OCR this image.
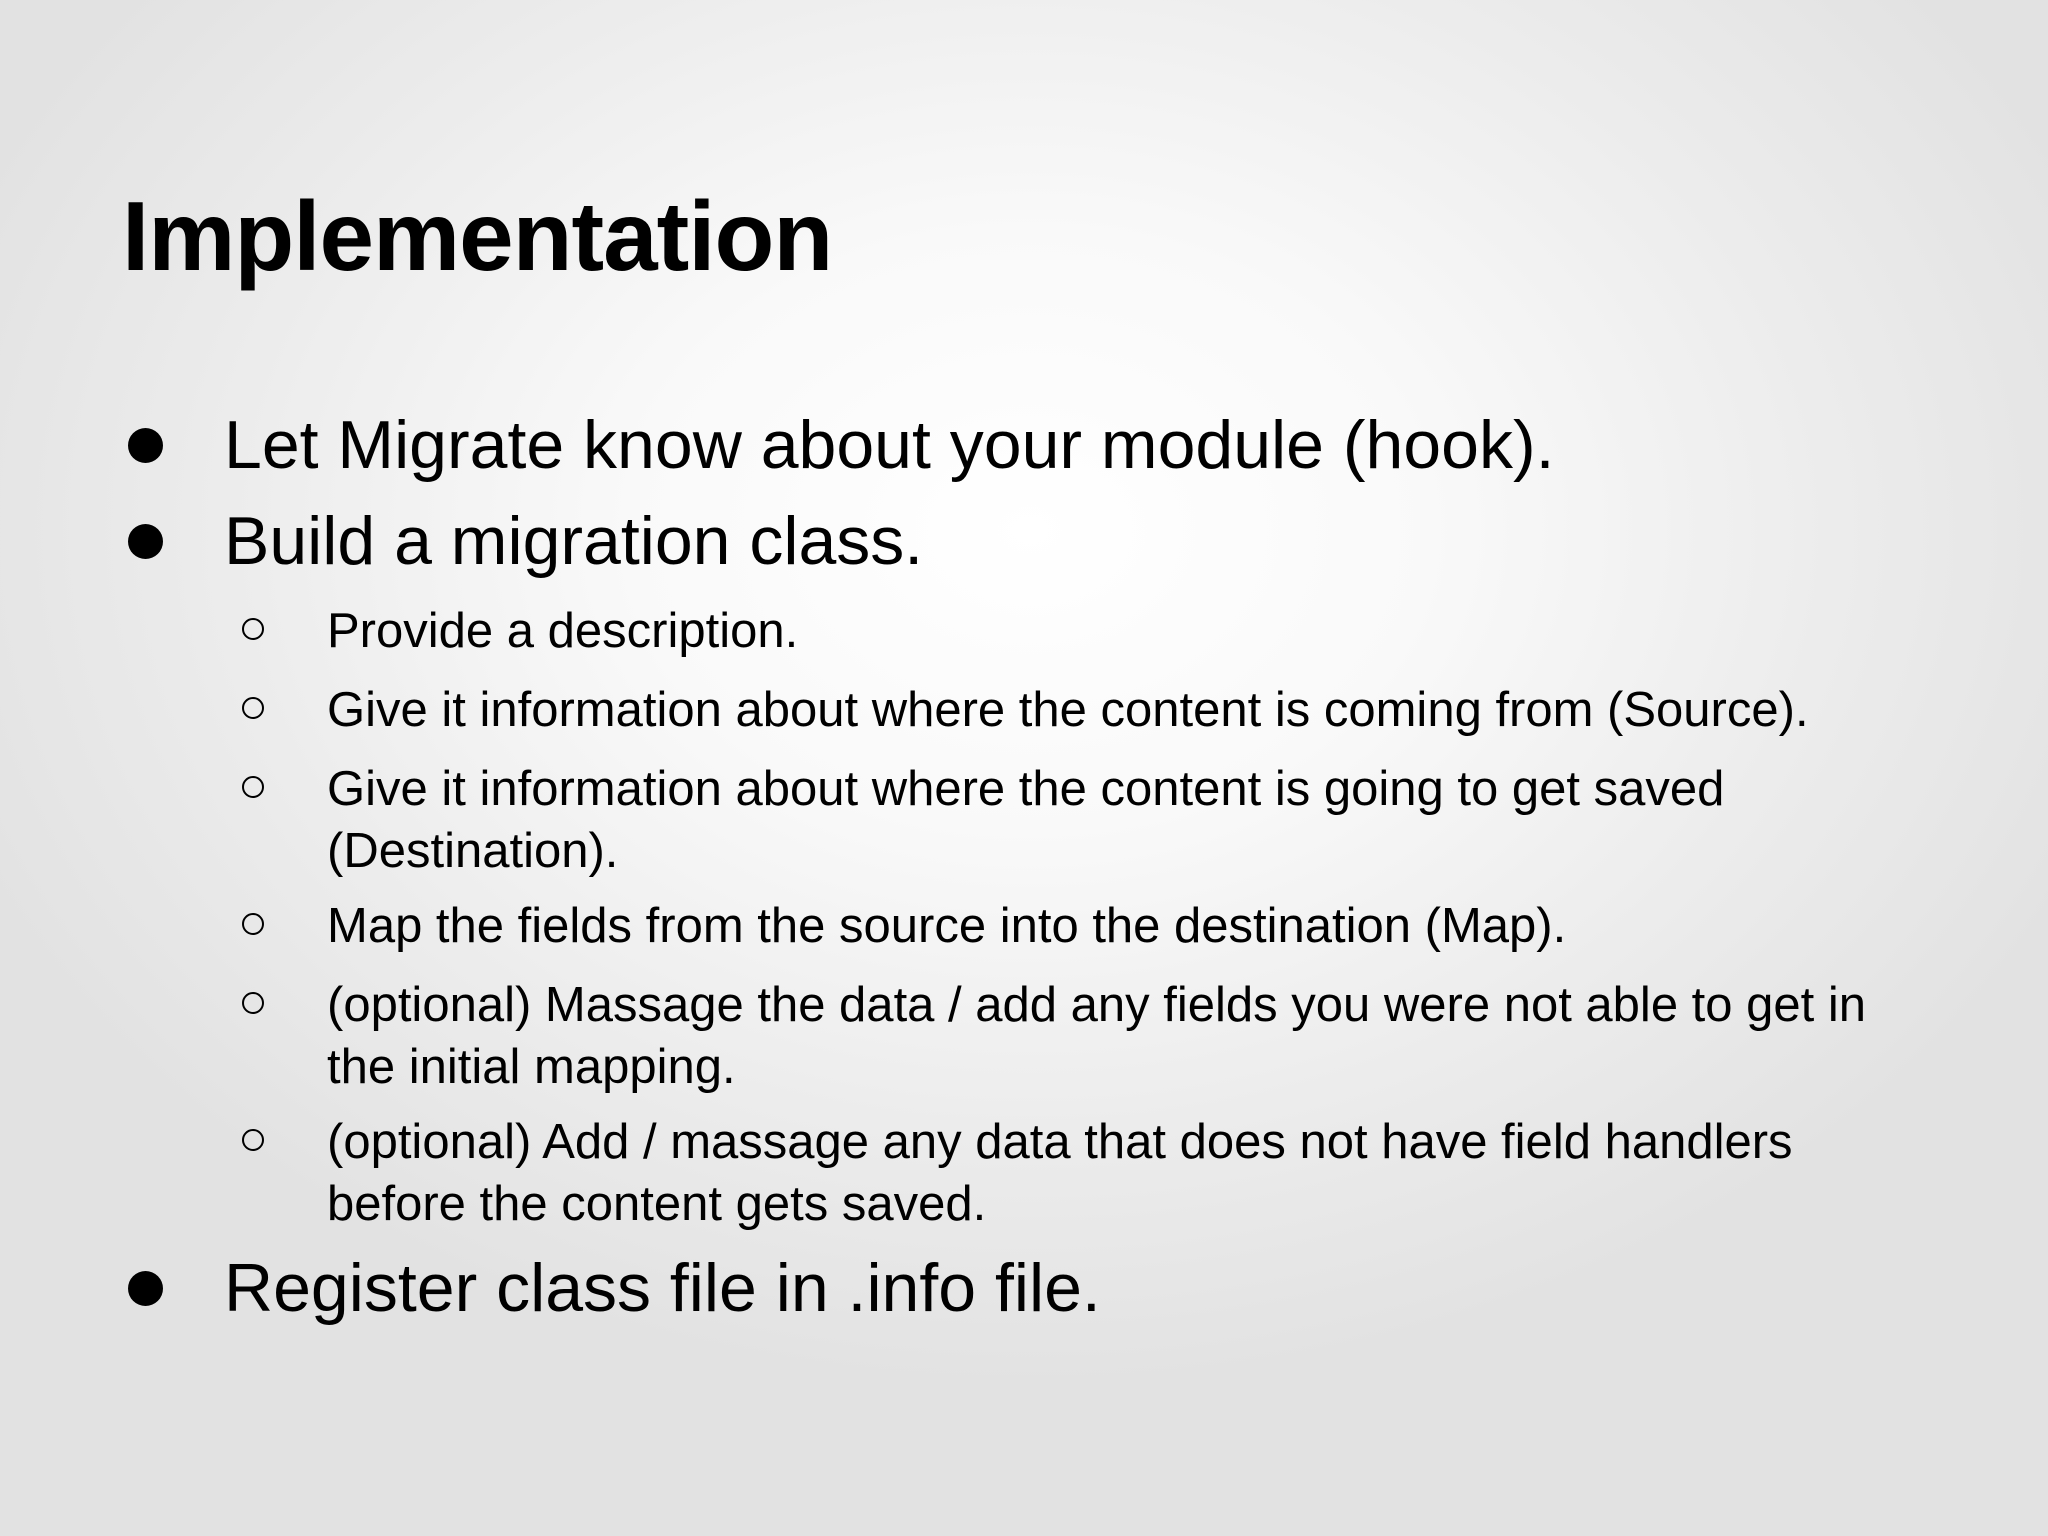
Implementation
Let Migrate know about your module (hook).
Build a migration class.
Provide a description.
Give it information about where the content is coming from (Source).
Give it information about where the content is going to get saved (Destination).
Map the fields from the source into the destination (Map).
(optional) Massage the data / add any fields you were not able to get in the initial mapping.
(optional) Add / massage any data that does not have field handlers before the content gets saved.
Register class file in .info file.
